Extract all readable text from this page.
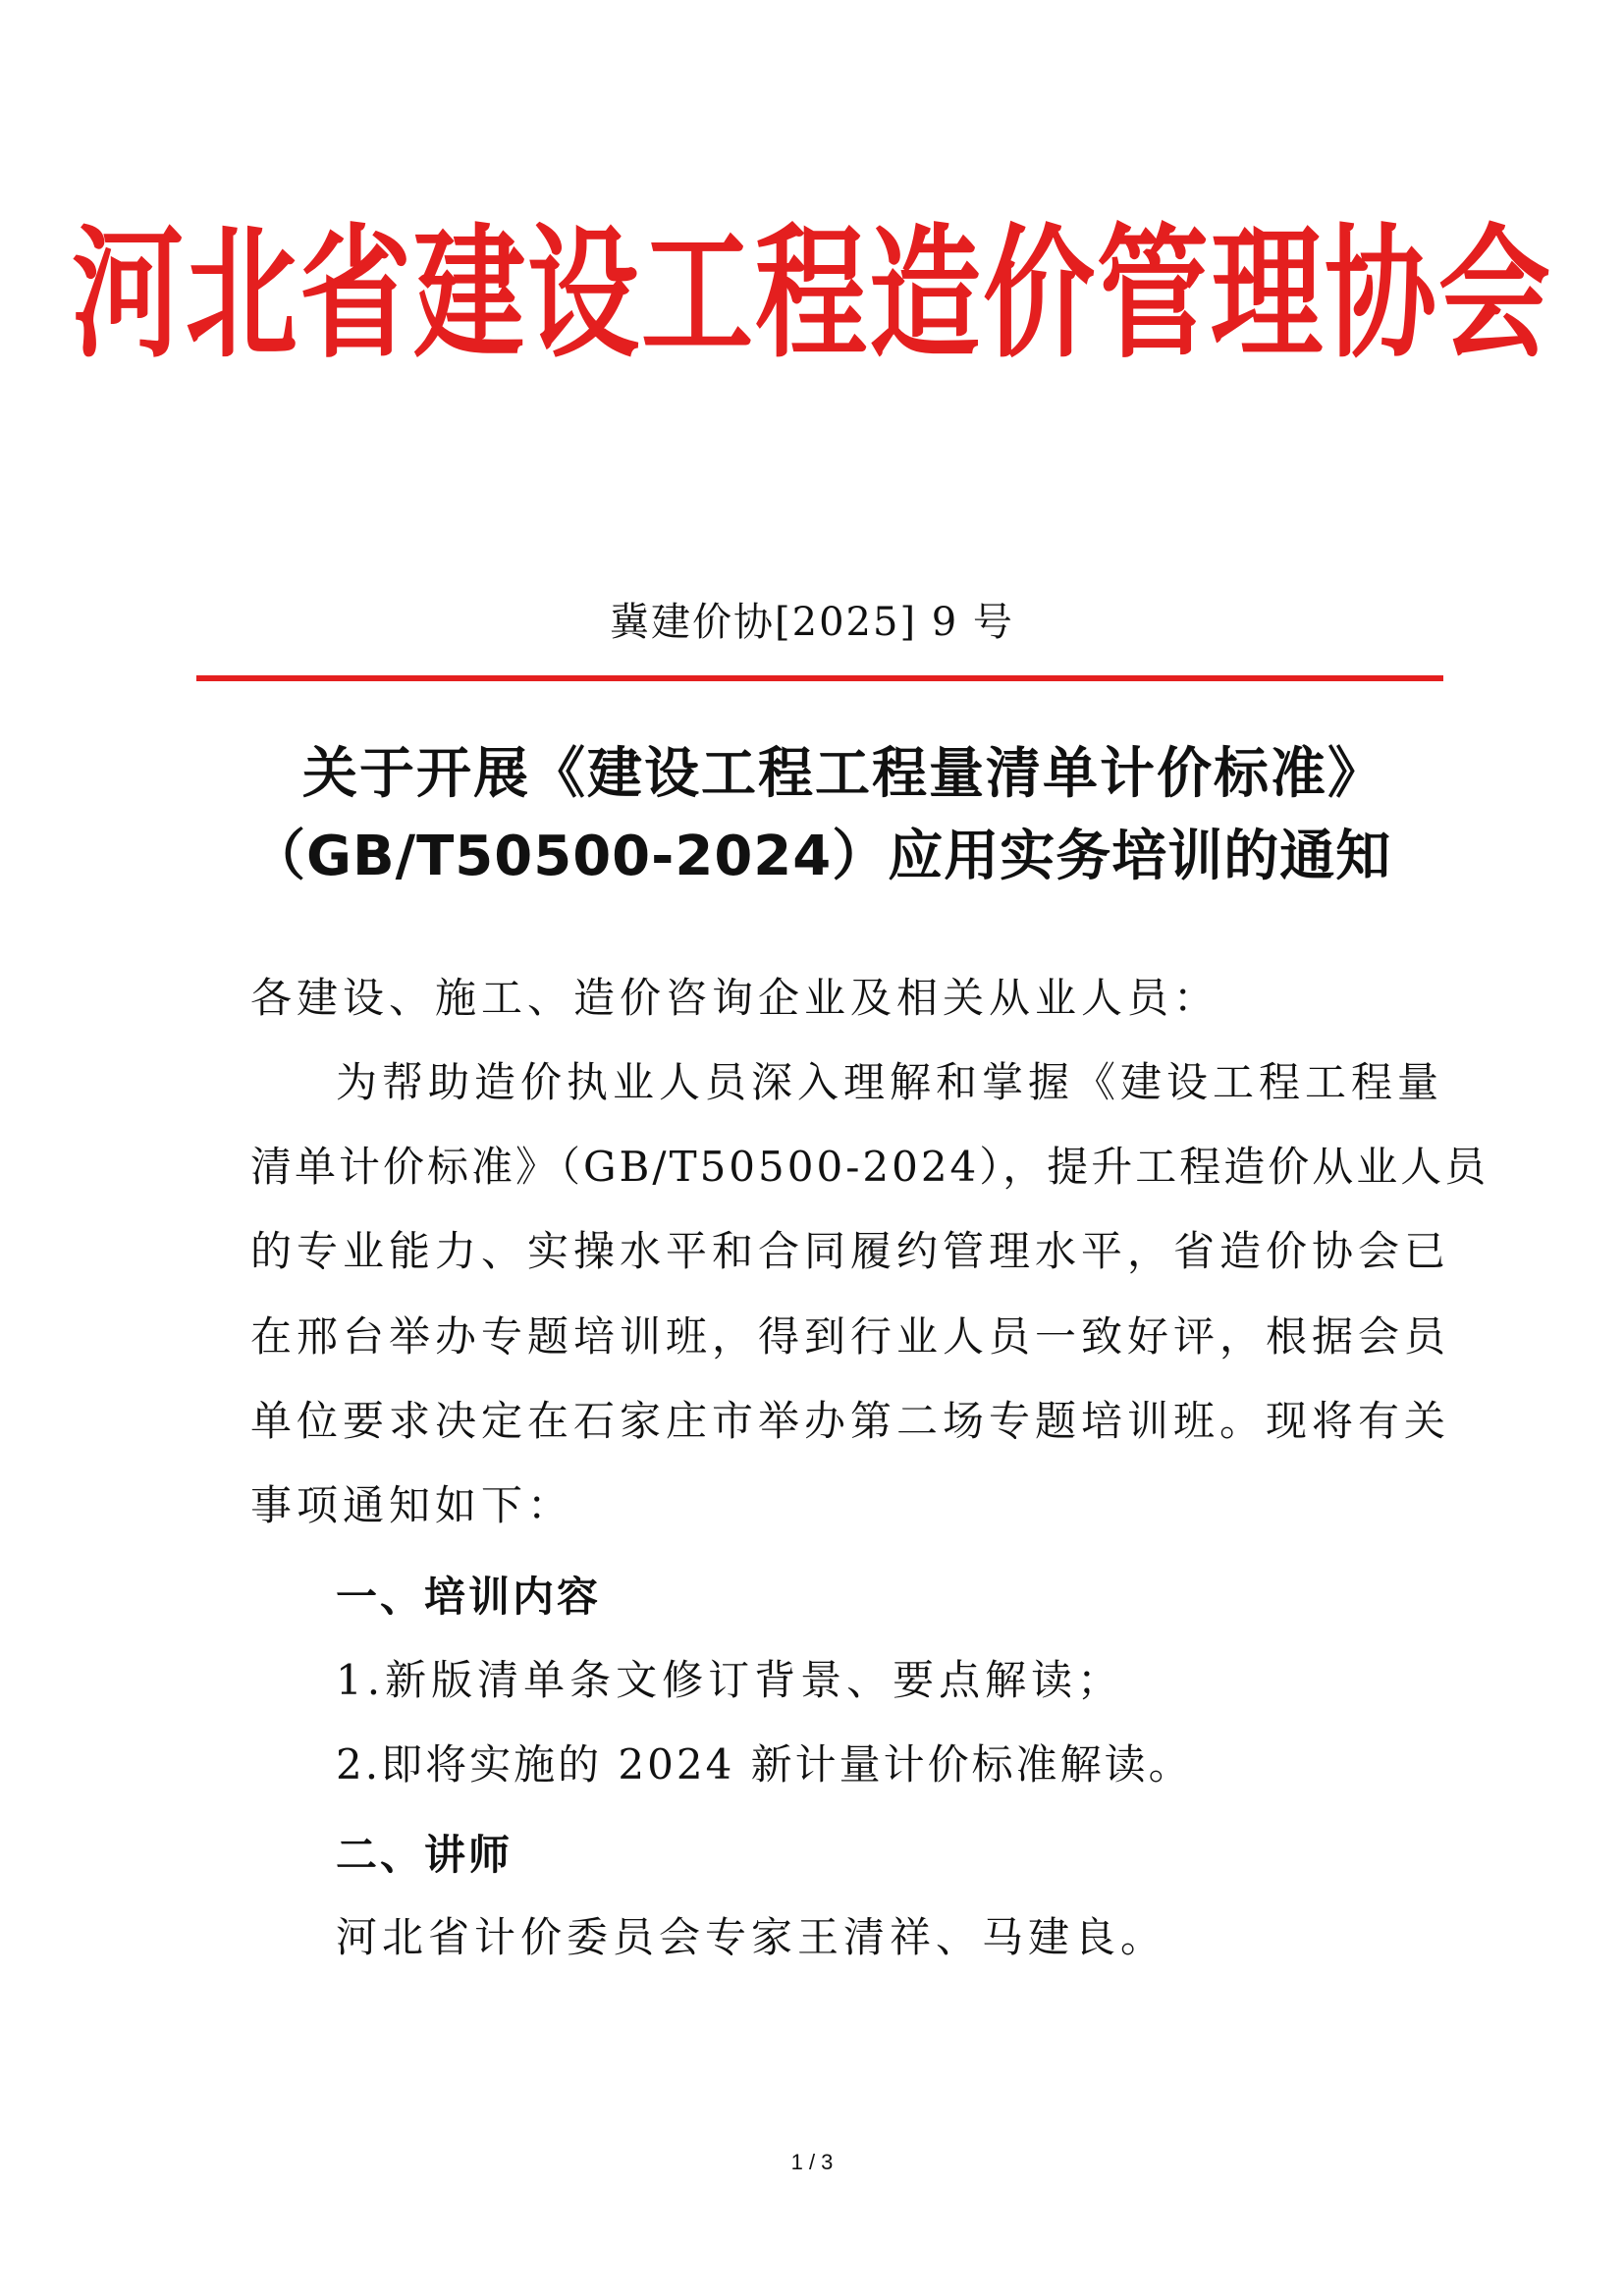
河北省建设工程造价管理协会
冀建价协[2025] 9 号
关于开展《建设工程工程量清单计价标准》
（GB/T50500-2024）应用实务培训的通知
各建设、施工、造价咨询企业及相关从业人员：
为帮助造价执业人员深入理解和掌握《建设工程工程量
清单计价标准》（GB/T50500-2024），提升工程造价从业人员
的专业能力、实操水平和合同履约管理水平，省造价协会已
在邢台举办专题培训班，得到行业人员一致好评，根据会员
单位要求决定在石家庄市举办第二场专题培训班。现将有关
事项通知如下：
一、培训内容
1.新版清单条文修订背景、要点解读；
2.即将实施的 2024 新计量计价标准解读。
二、讲师
河北省计价委员会专家王清祥、马建良。
1 / 3
